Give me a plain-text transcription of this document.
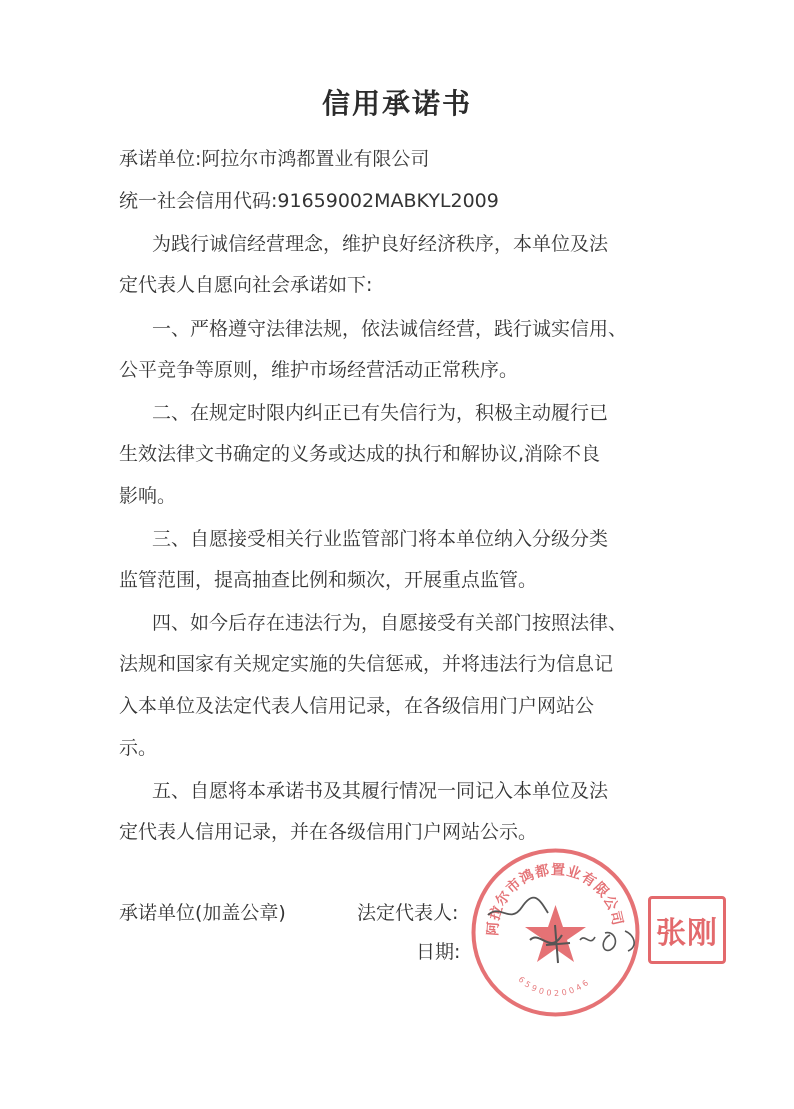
信用承诺书
承诺单位:阿拉尔市鸿都置业有限公司
统一社会信用代码:91659002MABKYL2009
为践行诚信经营理念，维护良好经济秩序，本单位及法
定代表人自愿向社会承诺如下:
一、严格遵守法律法规，依法诚信经营，践行诚实信用、
公平竞争等原则，维护市场经营活动正常秩序。
二、在规定时限内纠正已有失信行为，积极主动履行已
生效法律文书确定的义务或达成的执行和解协议,消除不良
影响。
三、自愿接受相关行业监管部门将本单位纳入分级分类
监管范围，提高抽查比例和频次，开展重点监管。
四、如今后存在违法行为，自愿接受有关部门按照法律、
法规和国家有关规定实施的失信惩戒，并将违法行为信息记
入本单位及法定代表人信用记录，在各级信用门户网站公
示。
五、自愿将本承诺书及其履行情况一同记入本单位及法
定代表人信用记录，并在各级信用门户网站公示。
承诺单位(加盖公章)	法定代表人:
日期:
阿拉尔市鸿都置业有限公司
6590020046
张刚
